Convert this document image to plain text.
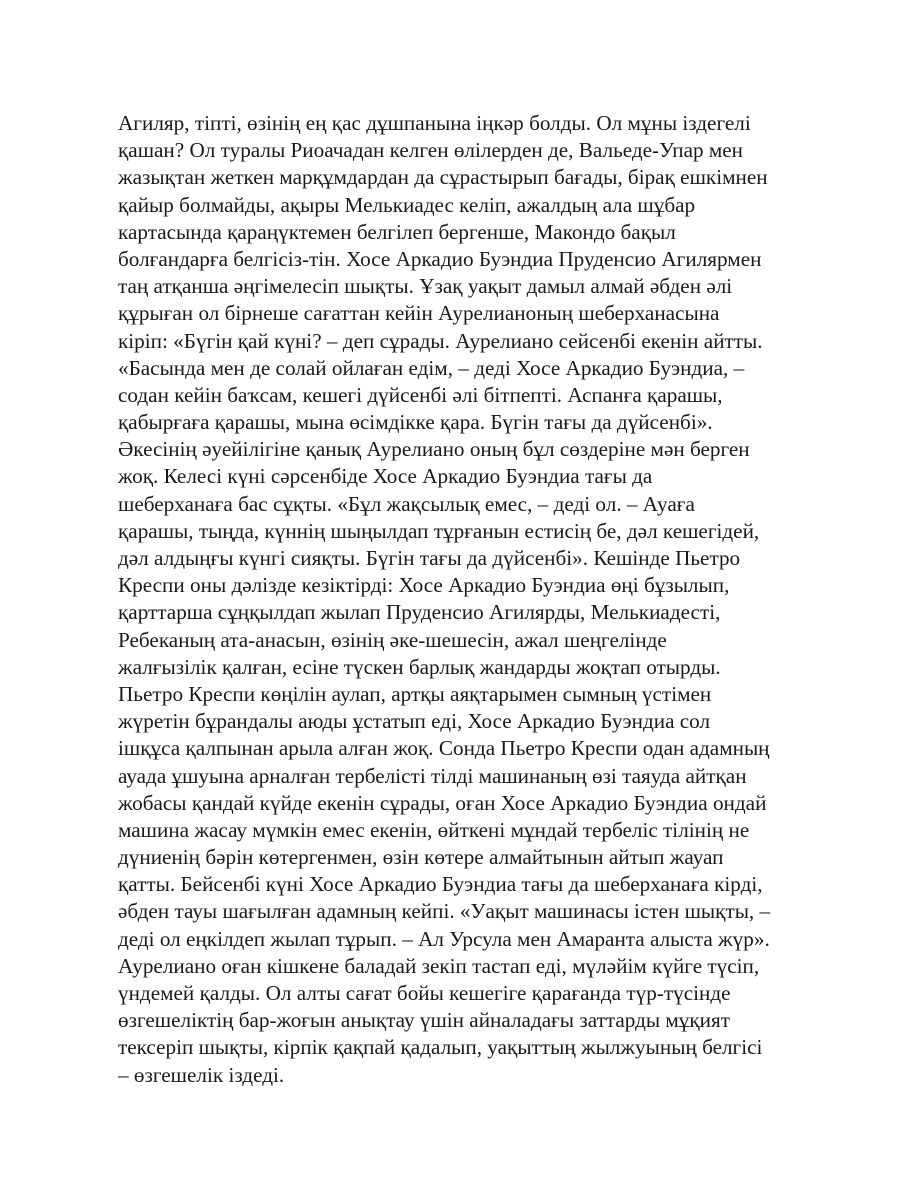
Агиляр, тіпті, өзінің ең қас дұшпанына іңкәр болды. Ол мұны іздегелі
қашан? Ол туралы Риоачадан келген өлілерден де, Вальеде-Упар мен
жазықтан жеткен марқұмдардан да сұрастырып бағады, бірақ ешкімнен
қайыр болмайды, ақыры Мелькиадес келіп, ажалдың ала шұбар
картасында қараңүктемен белгілеп бергенше, Макондо бақыл
болғандарға белгісіз-тін. Хосе Аркадио Буэндиа Пруденсио Агилярмен
таң атқанша әңгімелесіп шықты. Ұзақ уақыт дамыл алмай әбден әлі
құрыған ол бірнеше сағаттан кейін Аурелианоның шеберханасына
кіріп: «Бүгін қай күні? – деп сұрады. Аурелиано сейсенбі екенін айтты.
«Басында мен де солай ойлаған едім, – деді Хосе Аркадио Буэндиа, –
содан кейін баҡсам, кешегі дүйсенбі әлі бітпепті. Аспанға қарашы,
қабырғаға қарашы, мына өсімдікке қара. Бүгін тағы да дүйсенбі».
Әкесінің әуейілігіне қанық Аурелиано оның бұл сөздеріне мән берген
жоқ. Келесі күні сәрсенбіде Хосе Аркадио Буэндиа тағы да
шеберханаға бас сұқты. «Бұл жақсылық емес, – деді ол. – Ауаға
қарашы, тыңда, күннің шыңылдап тұрғанын естисің бе, дәл кешегідей,
дәл алдыңғы күнгі сияқты. Бүгін тағы да дүйсенбі». Кешінде Пьетро
Креспи оны дәлізде кезіктірді: Хосе Аркадио Буэндиа өңі бұзылып,
қарттарша сұңқылдап жылап Пруденсио Агилярды, Мелькиадесті,
Ребеканың ата-анасын, өзінің әке-шешесін, ажал шеңгелінде
жалғызілік қалған, есіне түскен барлық жандарды жоқтап отырды.
Пьетро Креспи көңілін аулап, артқы аяқтарымен сымның үстімен
жүретін бұрандалы аюды ұстатып еді, Хосе Аркадио Буэндиа сол
ішқұса қалпынан арыла алған жоқ. Сонда Пьетро Креспи одан адамның
ауада ұшуына арналған тербелісті тілді машинаның өзі таяуда айтқан
жобасы қандай күйде екенін сұрады, оған Хосе Аркадио Буэндиа ондай
машина жасау мүмкін емес екенін, өйткені мұндай тербеліс тілінің не
дүниенің бәрін көтергенмен, өзін көтере алмайтынын айтып жауап
қатты. Бейсенбі күні Хосе Аркадио Буэндиа тағы да шеберханаға кірді,
әбден тауы шағылған адамның кейпі. «Уақыт машинасы істен шықты, –
деді ол еңкілдеп жылап тұрып. – Ал Урсула мен Амаранта алыста жүр».
Аурелиано оған кішкене баладай зекіп тастап еді, мүләйім күйге түсіп,
үндемей қалды. Ол алты сағат бойы кешегіге қарағанда түр-түсінде
өзгешеліктің бар-жоғын анықтау үшін айналадағы заттарды мұқият
тексеріп шықты, кірпік қақпай қадалып, уақыттың жылжуының белгісі
– өзгешелік іздеді.
